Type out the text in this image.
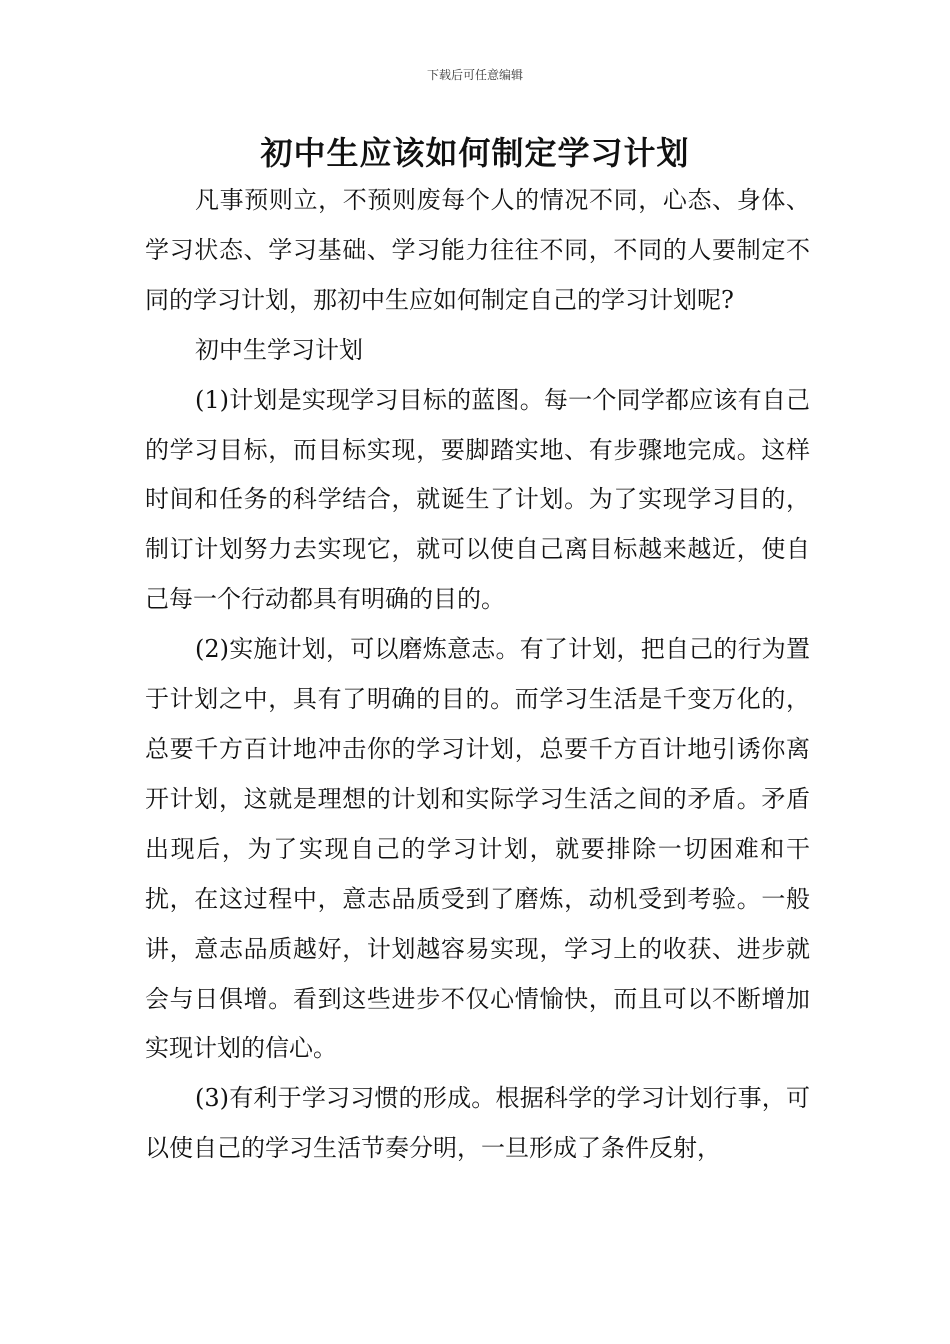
下载后可任意编辑
初中生应该如何制定学习计划

凡事预则立，不预则废每个人的情况不同，心态、身体、学习状态、学习基础、学习能力往往不同，不同的人要制定不同的学习计划，那初中生应如何制定自己的学习计划呢?

初中生学习计划

(1)计划是实现学习目标的蓝图。每一个同学都应该有自己的学习目标，而目标实现，要脚踏实地、有步骤地完成。这样时间和任务的科学结合，就诞生了计划。为了实现学习目的，制订计划努力去实现它，就可以使自己离目标越来越近，使自己每一个行动都具有明确的目的。

(2)实施计划，可以磨炼意志。有了计划，把自己的行为置于计划之中，具有了明确的目的。而学习生活是千变万化的，总要千方百计地冲击你的学习计划，总要千方百计地引诱你离开计划，这就是理想的计划和实际学习生活之间的矛盾。矛盾出现后，为了实现自己的学习计划，就要排除一切困难和干扰，在这过程中，意志品质受到了磨炼，动机受到考验。一般讲，意志品质越好，计划越容易实现，学习上的收获、进步就会与日俱增。看到这些进步不仅心情愉快，而且可以不断增加实现计划的信心。

(3)有利于学习习惯的形成。根据科学的学习计划行事，可以使自己的学习生活节奏分明，一旦形成了条件反射，
